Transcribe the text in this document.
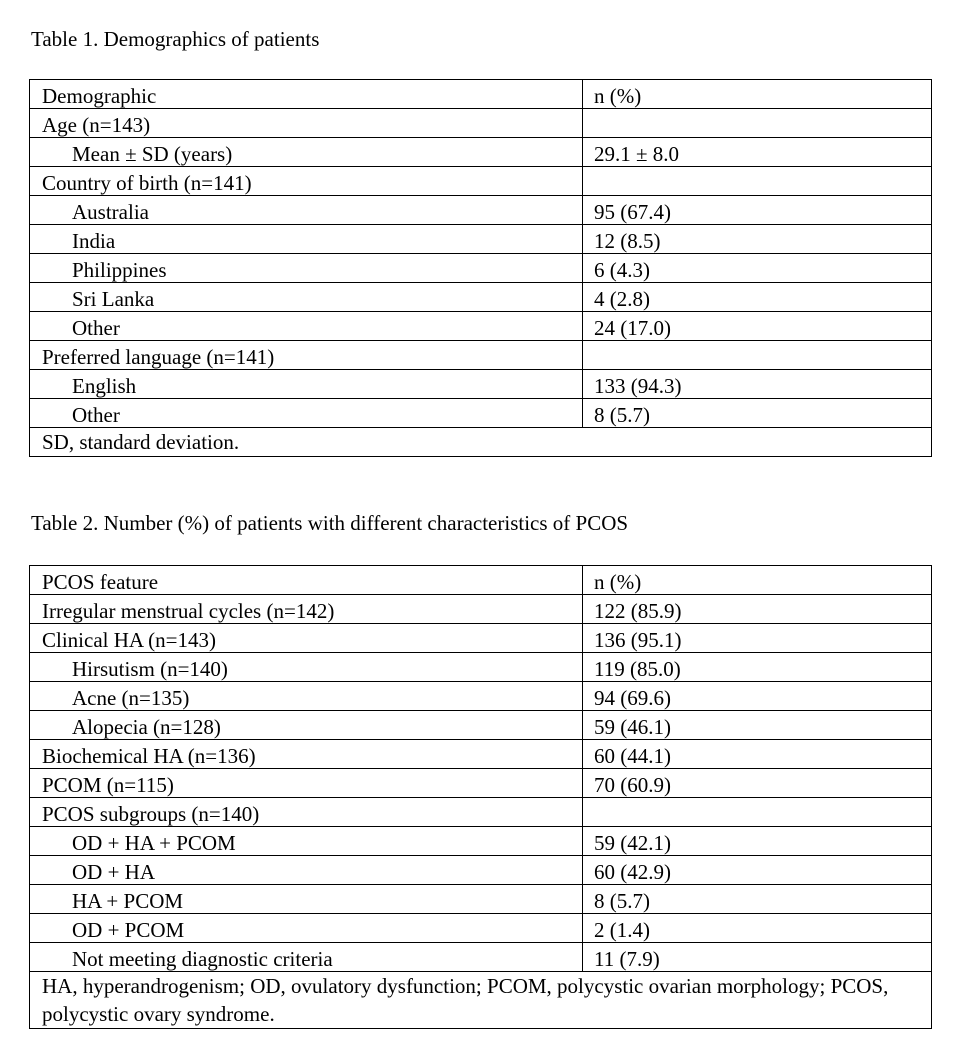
Table 1. Demographics of patients
Demographic	n (%)
Age (n=143)	
Mean ± SD (years)	29.1 ± 8.0
Country of birth (n=141)	
Australia	95 (67.4)
India	12 (8.5)
Philippines	6 (4.3)
Sri Lanka	4 (2.8)
Other	24 (17.0)
Preferred language (n=141)	
English	133 (94.3)
Other	8 (5.7)
SD, standard deviation.	
Table 2. Number (%) of patients with different characteristics of PCOS
PCOS feature	n (%)
Irregular menstrual cycles (n=142)	122 (85.9)
Clinical HA (n=143)	136 (95.1)
Hirsutism (n=140)	119 (85.0)
Acne (n=135)	94 (69.6)
Alopecia (n=128)	59 (46.1)
Biochemical HA (n=136)	60 (44.1)
PCOM (n=115)	70 (60.9)
PCOS subgroups (n=140)	
OD + HA + PCOM	59 (42.1)
OD + HA	60 (42.9)
HA + PCOM	8 (5.7)
OD + PCOM	2 (1.4)
Not meeting diagnostic criteria	11 (7.9)
HA, hyperandrogenism; OD, ovulatory dysfunction; PCOM, polycystic ovarian morphology; PCOS, polycystic ovary syndrome.	
